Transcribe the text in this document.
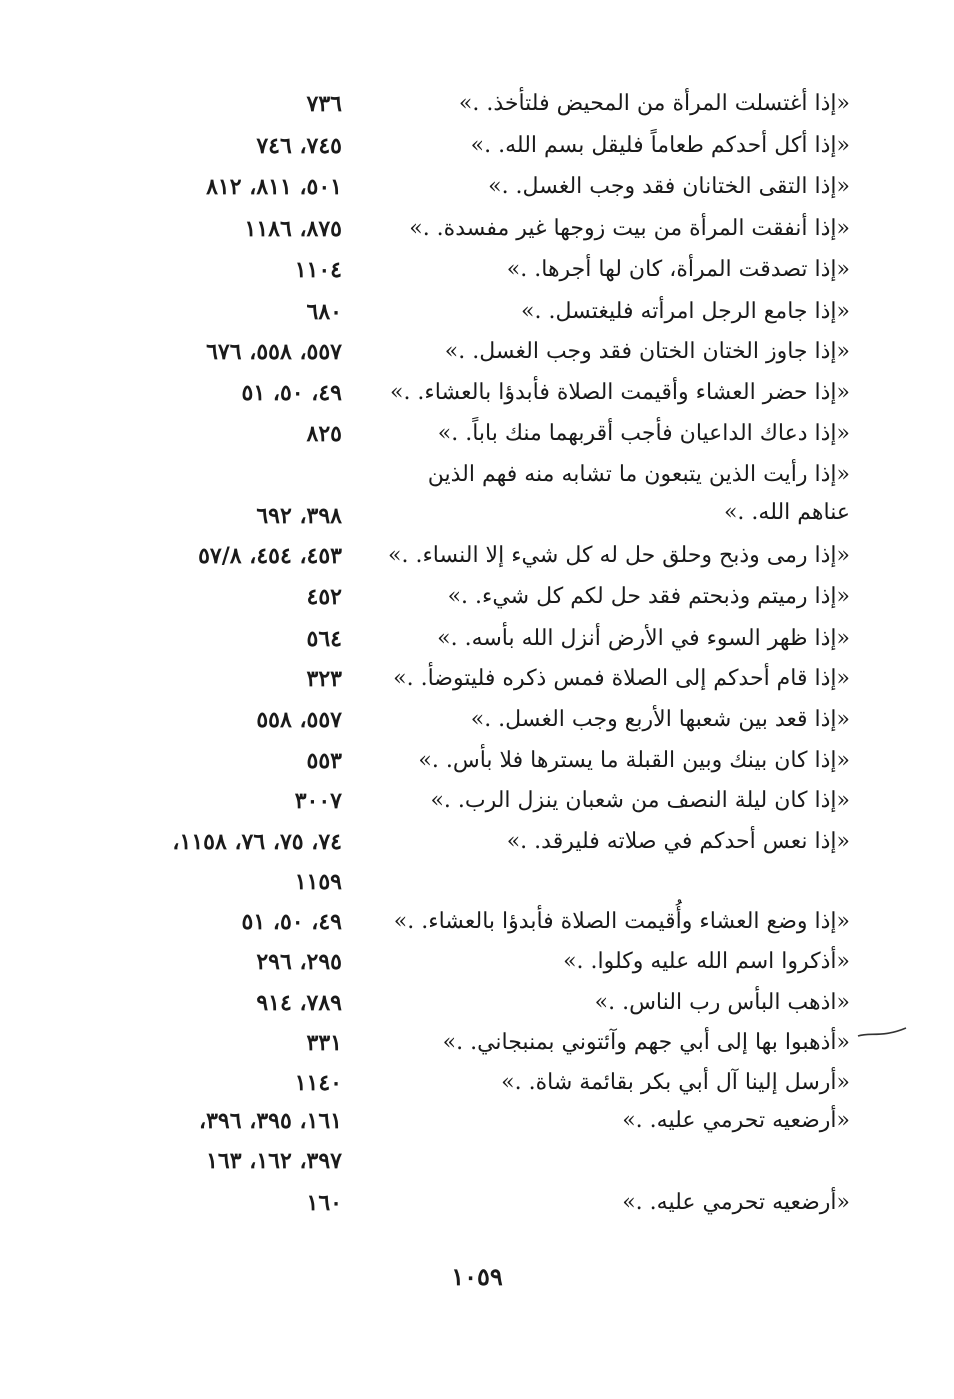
«إذا أغتسلت المرأة من المحيض فلتأخذ. .»
٧٣٦
«إذا أكل أحدكم طعاماً فليقل بسم الله. .»
٧٤٥، ٧٤٦
«إذا التقى الختانان فقد وجب الغسل. .»
٥٠١، ٨١١، ٨١٢
«إذا أنفقت المرأة من بيت زوجها غير مفسدة. .»
٨٧٥، ١١٨٦
«إذا تصدقت المرأة، كان لها أجرها. .»
١١٠٤
«إذا جامع الرجل امرأته فليغتسل. .»
٦٨٠
«إذا جاوز الختان الختان فقد وجب الغسل. .»
٥٥٧، ٥٥٨، ٦٧٦
«إذا حضر العشاء وأقيمت الصلاة فأبدؤا بالعشاء. .»
٤٩، ٥٠، ٥١
«إذا دعاك الداعيان فأجب أقربهما منك باباً. .»
٨٢٥
«إذا رأيت الذين يتبعون ما تشابه منه فهم الذين عناهم الله. .»
٣٩٨، ٦٩٢
«إذا رمى وذبح وحلق حل له كل شيء إلا النساء. .»
٤٥٣، ٤٥٤، ٥٧/٨
«إذا رميتم وذبحتم فقد حل لكم كل شيء. .»
٤٥٢
«إذا ظهر السوء في الأرض أنزل الله بأسه. .»
٥٦٤
«إذا قام أحدكم إلى الصلاة فمس ذكره فليتوضأ. .»
٣٢٣
«إذا قعد بين شعبها الأربع وجب الغسل. .»
٥٥٧، ٥٥٨
«إذا كان بينك وبين القبلة ما يسترها فلا بأس. .»
٥٥٣
«إذا كان ليلة النصف من شعبان ينزل الرب. .»
٣٠٠٧
«إذا نعس أحدكم في صلاته فليرقد. .»
٧٤، ٧٥، ٧٦، ١١٥٨،
١١٥٩
«إذا وضع العشاء وأُقيمت الصلاة فأبدؤا بالعشاء. .»
٤٩، ٥٠، ٥١
«أذكروا اسم الله عليه وكلوا. .»
٢٩٥، ٢٩٦
«اذهب البأس رب الناس. .»
٧٨٩، ٩١٤
«أذهبوا بها إلى أبي جهم وآئتوني بمنبجاني. .»
٣٣١
«أرسل إلينا آل أبي بكر بقائمة شاة. .»
١١٤٠
«أرضعيه تحرمي عليه. .»
١٦١، ٣٩٥، ٣٩٦،
٣٩٧، ١٦٢، ١٦٣
«أرضعيه تحرمي عليه. .»
١٦٠
١٠٥٩
